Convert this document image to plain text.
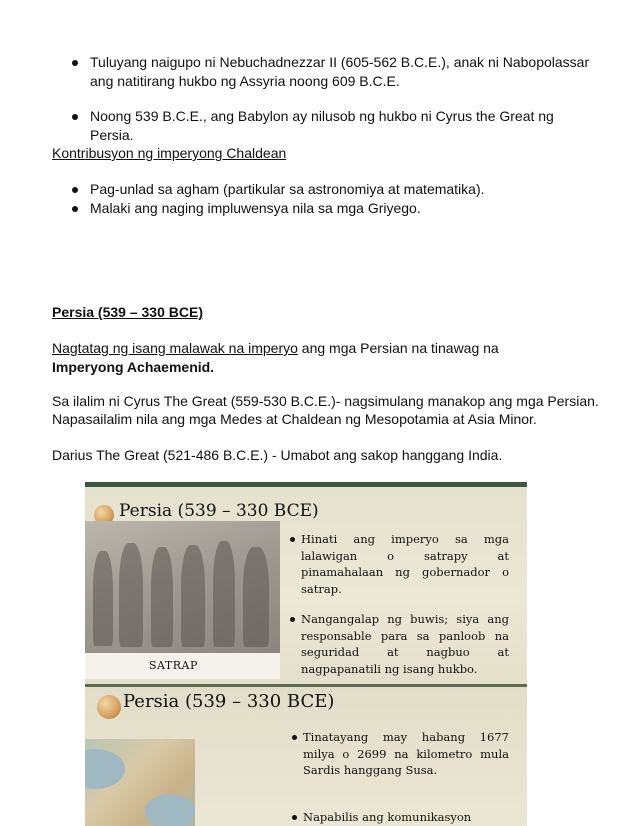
Tuluyang naigupo ni Nebuchadnezzar II (605-562 B.C.E.), anak ni Nabopolassar ang natitirang hukbo ng Assyria noong 609 B.C.E.
Noong 539 B.C.E., ang Babylon ay nilusob ng hukbo ni Cyrus the Great ng Persia.

Kontribusyon ng imperyong Chaldean

Pag-unlad sa agham (partikular sa astronomiya at matematika).
Malaki ang naging impluwensya nila sa mga Griyego.

Persia (539 – 330 BCE)

Nagtatag ng isang malawak na imperyo ang mga Persian na tinawag na Imperyong Achaemenid.

Sa ilalim ni Cyrus The Great (559-530 B.C.E.)- nagsimulang manakop ang mga Persian.

Napasailalim nila ang mga Medes at Chaldean ng Mesopotamia at Asia Minor.

Darius The Great (521-486 B.C.E.) - Umabot ang sakop hanggang India.

Persia (539 – 330 BCE)
SATRAP
Hinati ang imperyo sa mga lalawigan o satrapy at pinamahalaan ng gobernador o satrap.
Nangangalap ng buwis; siya ang responsable para sa panloob na seguridad at nagbuo at nagpapanatili ng isang hukbo.
Persia (539 – 330 BCE)
Tinatayang may habang 1677 milya o 2699 na kilometro mula Sardis hanggang Susa.
Napabilis ang komunikasyon
